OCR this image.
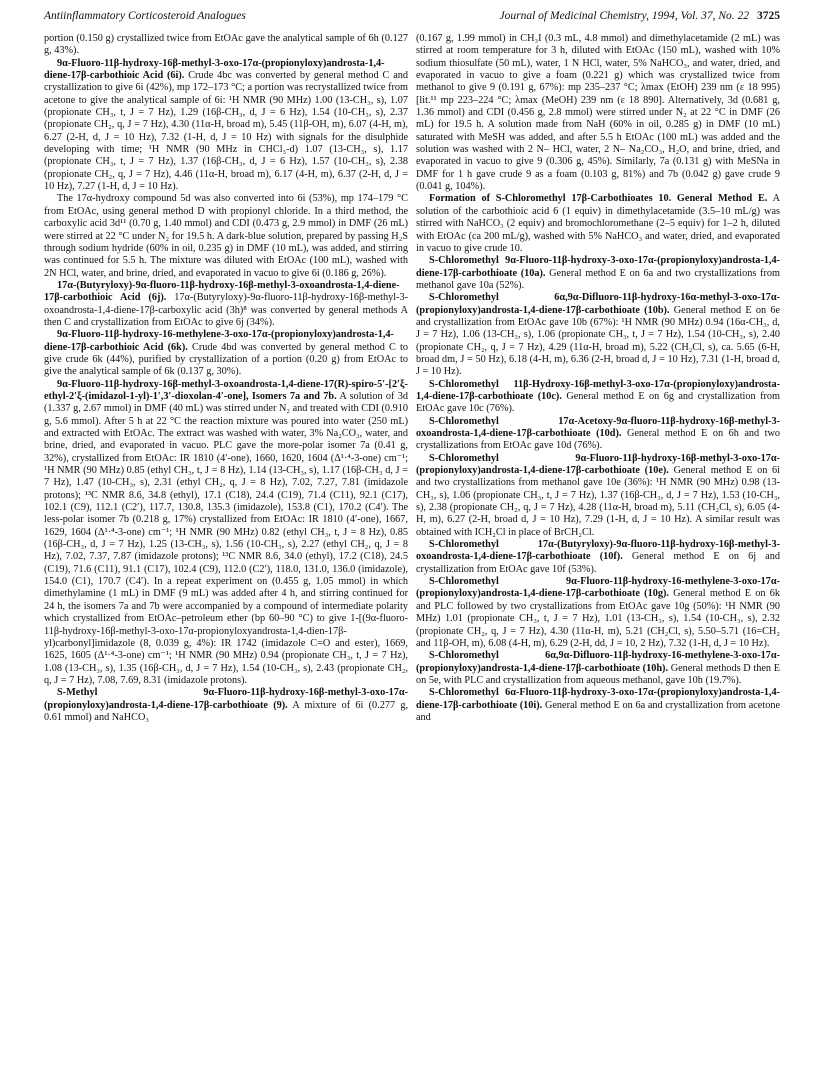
Antiinflammatory Corticosteroid Analogues	Journal of Medicinal Chemistry, 1994, Vol. 37, No. 22 3725

portion (0.150 g) crystallized twice from EtOAc gave the analytical sample of 6h (0.127 g, 43%).

9α-Fluoro-11β-hydroxy-16β-methyl-3-oxo-17α-(propionyloxy)androsta-1,4-diene-17β-carbothioic Acid (6i). Crude 4bc was converted by general method C and crystallization to give 6i (42%), mp 172–173 °C; a portion was recrystallized twice from acetone to give the analytical sample of 6i: ¹H NMR (90 MHz) 1.00 (13-CH₃, s), 1.07 (propionate CH₃, t, J = 7 Hz), 1.29 (16β-CH₃, d, J = 6 Hz), 1.54 (10-CH₃, s), 2.37 (propionate CH₂, q, J = 7 Hz), 4.30 (11α-H, broad m), 5.45 (11β-OH, m), 6.07 (4-H, m), 6.27 (2-H, d, J = 10 Hz), 7.32 (1-H, d, J = 10 Hz) with signals for the disulphide developing with time; ¹H NMR (90 MHz in CHCl₃-d) 1.07 (13-CH₃, s), 1.17 (propionate CH₃, t, J = 7 Hz), 1.37 (16β-CH₃, d, J = 6 Hz), 1.57 (10-CH₃, s), 2.38 (propionate CH₂, q, J = 7 Hz), 4.46 (11α-H, broad m), 6.17 (4-H, m), 6.37 (2-H, d, J = 10 Hz), 7.27 (1-H, d, J = 10 Hz).

The 17α-hydroxy compound 5d was also converted into 6i (53%), mp 174–179 °C from EtOAc, using general method D with propionyl chloride. In a third method, the carboxylic acid 3d¹¹ (0.70 g, 1.40 mmol) and CDI (0.473 g, 2.9 mmol) in DMF (26 mL) were stirred at 22 °C under N₂ for 19.5 h. A dark-blue solution, prepared by passing H₂S through sodium hydride (60% in oil, 0.235 g) in DMF (10 mL), was added, and stirring was continued for 5.5 h. The mixture was diluted with EtOAc (100 mL), washed with 2N HCl, water, and brine, dried, and evaporated in vacuo to give 6i (0.186 g, 26%).

17α-(Butyryloxy)-9α-fluoro-11β-hydroxy-16β-methyl-3-oxoandrosta-1,4-diene-17β-carbothioic Acid (6j). 17α-(Butyryloxy)-9α-fluoro-11β-hydroxy-16β-methyl-3-oxoandrosta-1,4-diene-17β-carboxylic acid (3h)⁸ was converted by general methods A then C and crystallization from EtOAc to give 6j (34%).

9α-Fluoro-11β-hydroxy-16-methylene-3-oxo-17α-(propionyloxy)androsta-1,4-diene-17β-carbothioic Acid (6k). Crude 4bd was converted by general method C to give crude 6k (44%), purified by crystallization of a portion (0.20 g) from EtOAc to give the analytical sample of 6k (0.137 g, 30%).

9α-Fluoro-11β-hydroxy-16β-methyl-3-oxoandrosta-1,4-diene-17(R)-spiro-5′-[2′ξ-ethyl-2′ξ-(imidazol-1-yl)-1′,3′-dioxolan-4′-one], Isomers 7a and 7b. A solution of 3d (1.337 g, 2.67 mmol) in DMF (40 mL) was stirred under N₂ and treated with CDI (0.910 g, 5.6 mmol). After 5 h at 22 °C the reaction mixture was poured into water (250 mL) and extracted with EtOAc. The extract was washed with water, 3% Na₂CO₃, water, and brine, dried, and evaporated in vacuo. PLC gave the more-polar isomer 7a (0.41 g, 32%), crystallized from EtOAc: IR 1810 (4′-one), 1660, 1620, 1604 (Δ¹·⁴-3-one) cm⁻¹; ¹H NMR (90 MHz) 0.85 (ethyl CH₃, t, J = 8 Hz), 1.14 (13-CH₃, s), 1.17 (16β-CH₃ d, J = 7 Hz), 1.47 (10-CH₃, s), 2.31 (ethyl CH₂, q, J = 8 Hz), 7.02, 7.27, 7.81 (imidazole protons); ¹³C NMR 8.6, 34.8 (ethyl), 17.1 (C18), 24.4 (C19), 71.4 (C11), 92.1 (C17), 102.1 (C9), 112.1 (C2′), 117.7, 130.8, 135.3 (imidazole), 153.8 (C1), 170.2 (C4′). The less-polar isomer 7b (0.218 g, 17%) crystallized from EtOAc: IR 1810 (4′-one), 1667, 1629, 1604 (Δ¹·⁴-3-one) cm⁻¹; ¹H NMR (90 MHz) 0.82 (ethyl CH₃, t, J = 8 Hz), 0.85 (16β-CH₃, d, J = 7 Hz), 1.25 (13-CH₃, s), 1.56 (10-CH₃, s), 2.27 (ethyl CH₂, q, J = 8 Hz), 7.02, 7.37, 7.87 (imidazole protons); ¹³C NMR 8.6, 34.0 (ethyl), 17.2 (C18), 24.5 (C19), 71.6 (C11), 91.1 (C17), 102.4 (C9), 112.0 (C2′), 118.0, 131.0, 136.0 (imidazole), 154.0 (C1), 170.7 (C4′). In a repeat experiment on (0.455 g, 1.05 mmol) in which dimethylamine (1 mL) in DMF (9 mL) was added after 4 h, and stirring continued for 24 h, the isomers 7a and 7b were accompanied by a compound of intermediate polarity which crystallized from EtOAc–petroleum ether (bp 60–90 °C) to give 1-[(9α-fluoro-11β-hydroxy-16β-methyl-3-oxo-17α-propionyloxyandrosta-1,4-dien-17β-yl)carbonyl]imidazole (8, 0.039 g, 4%): IR 1742 (imidazole C=O and ester), 1669, 1625, 1605 (Δ¹·⁴-3-one) cm⁻¹; ¹H NMR (90 MHz) 0.94 (propionate CH₃, t, J = 7 Hz), 1.08 (13-CH₃, s), 1.35 (16β-CH₃, d, J = 7 Hz), 1.54 (10-CH₃, s), 2.43 (propionate CH₂, q, J = 7 Hz), 7.08, 7.69, 8.31 (imidazole protons).

S-Methyl 9α-Fluoro-11β-hydroxy-16β-methyl-3-oxo-17α-(propionyloxy)androsta-1,4-diene-17β-carbothioate (9). A mixture of 6i (0.277 g, 0.61 mmol) and NaHCO₃

(0.167 g, 1.99 mmol) in CH₃I (0.3 mL, 4.8 mmol) and dimethylacetamide (2 mL) was stirred at room temperature for 3 h, diluted with EtOAc (150 mL), washed with 10% sodium thiosulfate (50 mL), water, 1 N HCl, water, 5% NaHCO₃, and water, dried, and evaporated in vacuo to give a foam (0.221 g) which was crystallized twice from methanol to give 9 (0.191 g, 67%): mp 235–237 °C; λmax (EtOH) 239 nm (ε 18 995) [lit.¹¹ mp 223–224 °C; λmax (MeOH) 239 nm (ε 18 890]. Alternatively, 3d (0.681 g, 1.36 mmol) and CDI (0.456 g, 2.8 mmol) were stirred under N₂ at 22 °C in DMF (26 mL) for 19.5 h. A solution made from NaH (60% in oil, 0.285 g) in DMF (10 mL) saturated with MeSH was added, and after 5.5 h EtOAc (100 mL) was added and the solution was washed with 2 N– HCl, water, 2 N– Na₂CO₃, H₂O, and brine, dried, and evaporated in vacuo to give 9 (0.306 g, 45%). Similarly, 7a (0.131 g) with MeSNa in DMF for 1 h gave crude 9 as a foam (0.103 g, 81%) and 7b (0.042 g) gave crude 9 (0.041 g, 104%).

Formation of S-Chloromethyl 17β-Carbothioates 10. General Method E. A solution of the carbothioic acid 6 (1 equiv) in dimethylacetamide (3.5–10 mL/g) was stirred with NaHCO₃ (2 equiv) and bromochloromethane (2–5 equiv) for 1–2 h, diluted with EtOAc (ca 200 mL/g), washed with 5% NaHCO₃ and water, dried, and evaporated in vacuo to give crude 10.

S-Chloromethyl 9α-Fluoro-11β-hydroxy-3-oxo-17α-(propionyloxy)androsta-1,4-diene-17β-carbothioate (10a). General method E on 6a and two crystallizations from methanol gave 10a (52%).

S-Chloromethyl 6α,9α-Difluoro-11β-hydroxy-16α-methyl-3-oxo-17α-(propionyloxy)androsta-1,4-diene-17β-carbothioate (10b). General method E on 6e and crystallization from EtOAc gave 10b (67%): ¹H NMR (90 MHz) 0.94 (16α-CH₃, d, J = 7 Hz), 1.06 (13-CH₃, s), 1.06 (propionate CH₃, t, J = 7 Hz), 1.54 (10-CH₃, s), 2.40 (propionate CH₂, q, J = 7 Hz), 4.29 (11α-H, broad m), 5.22 (CH₂Cl, s), ca. 5.65 (6-H, broad dm, J = 50 Hz), 6.18 (4-H, m), 6.36 (2-H, broad d, J = 10 Hz), 7.31 (1-H, broad d, J = 10 Hz).

S-Chloromethyl 11β-Hydroxy-16β-methyl-3-oxo-17α-(propionyloxy)androsta-1,4-diene-17β-carbothioate (10c). General method E on 6g and crystallization from EtOAc gave 10c (76%).

S-Chloromethyl 17α-Acetoxy-9α-fluoro-11β-hydroxy-16β-methyl-3-oxoandrosta-1,4-diene-17β-carbothioate (10d). General method E on 6h and two crystallizations from EtOAc gave 10d (76%).

S-Chloromethyl 9α-Fluoro-11β-hydroxy-16β-methyl-3-oxo-17α-(propionyloxy)androsta-1,4-diene-17β-carbothioate (10e). General method E on 6i and two crystallizations from methanol gave 10e (36%): ¹H NMR (90 MHz) 0.98 (13-CH₃, s), 1.06 (propionate CH₃, t, J = 7 Hz), 1.37 (16β-CH₃, d, J = 7 Hz), 1.53 (10-CH₃, s), 2.38 (propionate CH₂, q, J = 7 Hz), 4.28 (11α-H, broad m), 5.11 (CH₂Cl, s), 6.05 (4-H, m), 6.27 (2-H, broad d, J = 10 Hz), 7.29 (1-H, d, J = 10 Hz). A similar result was obtained with ICH₂Cl in place of BrCH₂Cl.

S-Chloromethyl 17α-(Butyryloxy)-9α-fluoro-11β-hydroxy-16β-methyl-3-oxoandrosta-1,4-diene-17β-carbothioate (10f). General method E on 6j and crystallization from EtOAc gave 10f (53%).

S-Chloromethyl 9α-Fluoro-11β-hydroxy-16-methylene-3-oxo-17α-(propionyloxy)androsta-1,4-diene-17β-carbothioate (10g). General method E on 6k and PLC followed by two crystallizations from EtOAc gave 10g (50%): ¹H NMR (90 MHz) 1.01 (propionate CH₃, t, J = 7 Hz), 1.01 (13-CH₃, s), 1.54 (10-CH₃, s), 2.32 (propionate CH₂, q, J = 7 Hz), 4.30 (11α-H, m), 5.21 (CH₂Cl, s), 5.50–5.71 (16=CH₂ and 11β-OH, m), 6.08 (4-H, m), 6.29 (2-H, dd, J = 10, 2 Hz), 7.32 (1-H, d, J = 10 Hz).

S-Chloromethyl 6α,9α-Difluoro-11β-hydroxy-16-methylene-3-oxo-17α-(propionyloxy)androsta-1,4-diene-17β-carbothioate (10h). General methods D then E on 5e, with PLC and crystallization from aqueous methanol, gave 10h (19.7%).

S-Chloromethyl 6α-Fluoro-11β-hydroxy-3-oxo-17α-(propionyloxy)androsta-1,4-diene-17β-carbothioate (10i). General method E on 6a and crystallization from acetone and
